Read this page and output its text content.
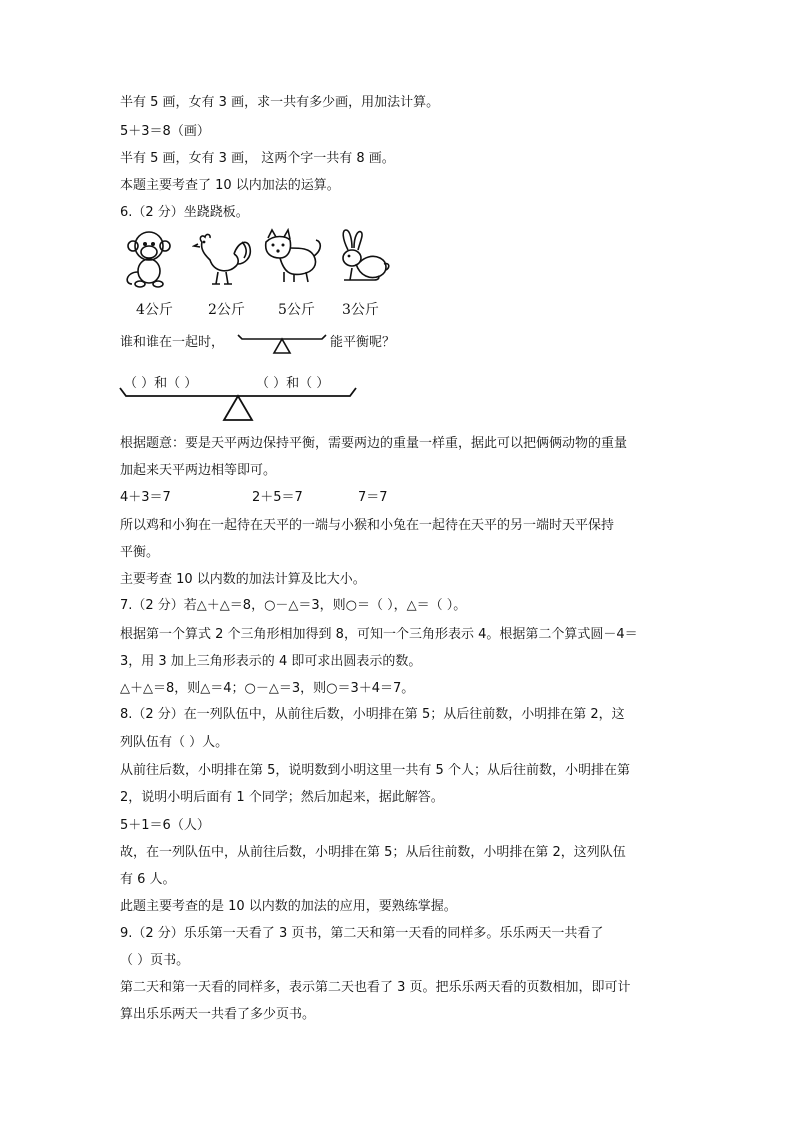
半有 5 画，女有 3 画，求一共有多少画，用加法计算。
5＋3＝8（画）
半有 5 画，女有 3 画， 这两个字一共有 8 画。
本题主要考查了 10 以内加法的运算。
6.（2 分）坐跷跷板。
4公斤	2公斤 5公斤 3公斤
谁和谁在一起时，	能平衡呢？
（ ）和（ ）	（ ）和（ ）
根据题意：要是天平两边保持平衡，需要两边的重量一样重，据此可以把俩俩动物的重量
加起来天平两边相等即可。
4＋3＝7	2＋5＝7	7＝7
所以鸡和小狗在一起待在天平的一端与小猴和小兔在一起待在天平的另一端时天平保持
平衡。
主要考查 10 以内数的加法计算及比大小。
7.（2 分）若△＋△＝8，○－△＝3，则○＝（ ），△＝（ ）。
根据第一个算式 2 个三角形相加得到 8，可知一个三角形表示 4。根据第二个算式圆－4＝
3，用 3 加上三角形表示的 4 即可求出圆表示的数。
△＋△＝8，则△＝4；○－△＝3，则○＝3＋4＝7。
8.（2 分）在一列队伍中，从前往后数，小明排在第 5；从后往前数，小明排在第 2，这
列队伍有（ ）人。
从前往后数，小明排在第 5，说明数到小明这里一共有 5 个人；从后往前数，小明排在第
2，说明小明后面有 1 个同学；然后加起来，据此解答。
5＋1＝6（人）
故，在一列队伍中，从前往后数，小明排在第 5；从后往前数，小明排在第 2，这列队伍
有 6 人。
此题主要考查的是 10 以内数的加法的应用，要熟练掌握。
9.（2 分）乐乐第一天看了 3 页书，第二天和第一天看的同样多。乐乐两天一共看了
（ ）页书。
第二天和第一天看的同样多，表示第二天也看了 3 页。把乐乐两天看的页数相加，即可计
算出乐乐两天一共看了多少页书。
